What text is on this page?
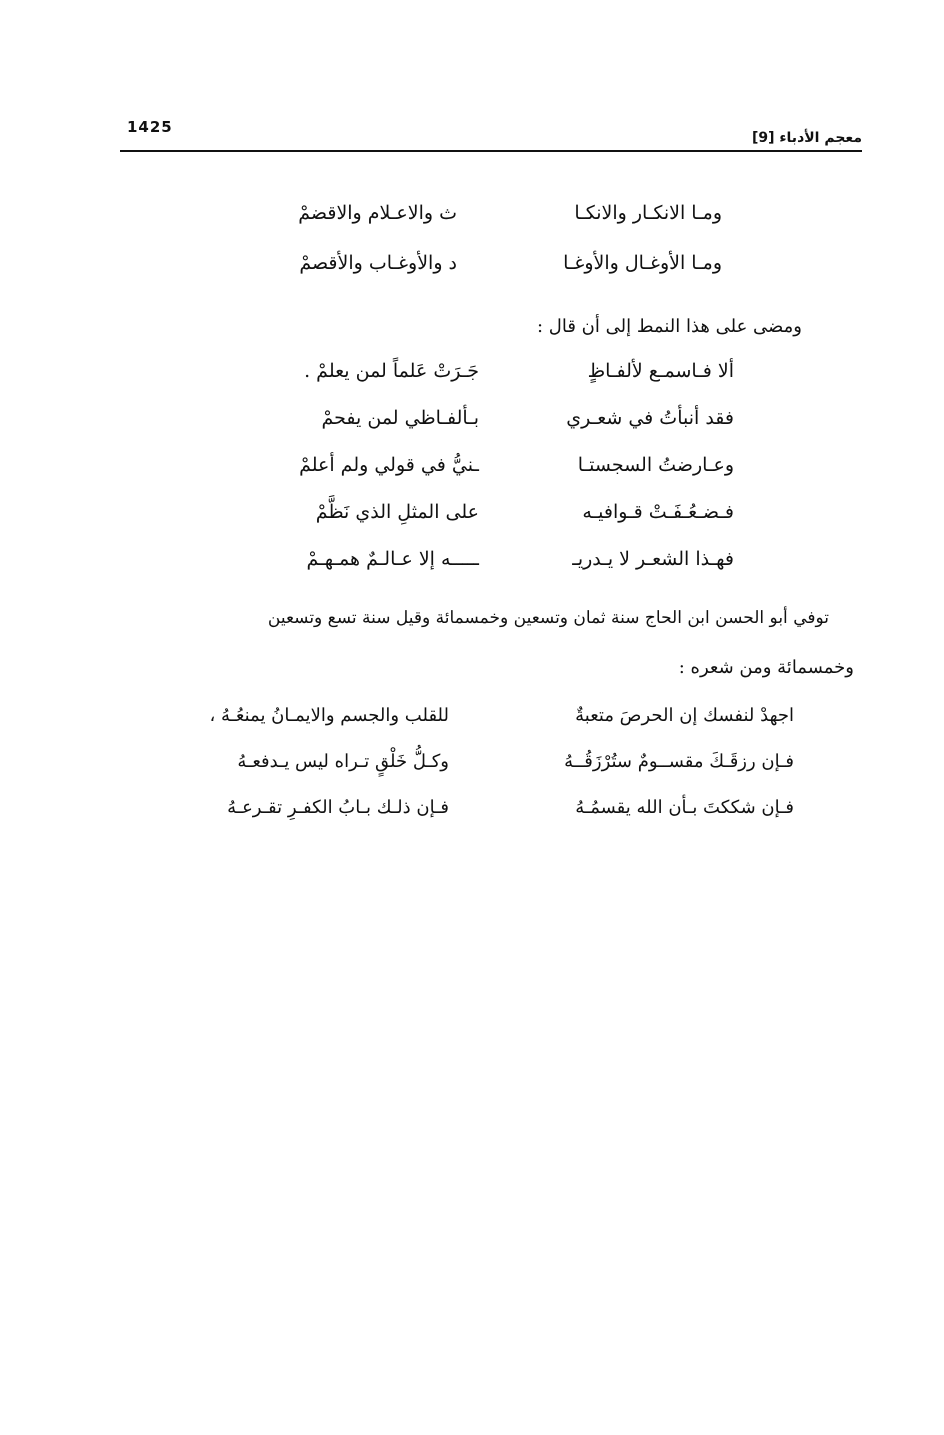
1425
معجم الأدباء [9]
ومـا الانكـار والانكـا
ث والاعـلام والاقضمْ
ومـا الأوغـال والأوغـا
د والأوغـاب والأقصمْ
ومضى على هذا النمط إلى أن قال :
ألا فـاسمـع لألفـاظٍ
جَـرَتْ عَلماً لمن يعلمْ .
فقد أنبأتُ في شعـري
بـألفـاظي لمن يفحمْ
وعـارضتُ السجستـا
ـنيُّ في قولي ولم أعلمْ
فـضـعُـفَـتْ قـوافيـه
على المثلِ الذي نَظَّمْ
فهـذا الشعـر لا يـدريـ
ـــــه إلا عـالـمٌ همـهـمْ
توفي أبو الحسن ابن الحاج سنة ثمان وتسعين وخمسمائة وقيل سنة تسع وتسعين
وخمسمائة ومن شعره :
اجهدْ لنفسك إن الحرصَ متعبةٌ
للقلب والجسم والايمـانُ يمنعُـهُ ،
فـإن رزقَـكَ مقســومٌ ستُرْزَقُــهُ
وكـلُّ خَلْقٍ تـراه ليس يـدفعـهُ
فـإن شككتَ بـأن الله يقسمُـهُ
فـإن ذلـك بـابُ الكفـرِ تقـرعـهُ
